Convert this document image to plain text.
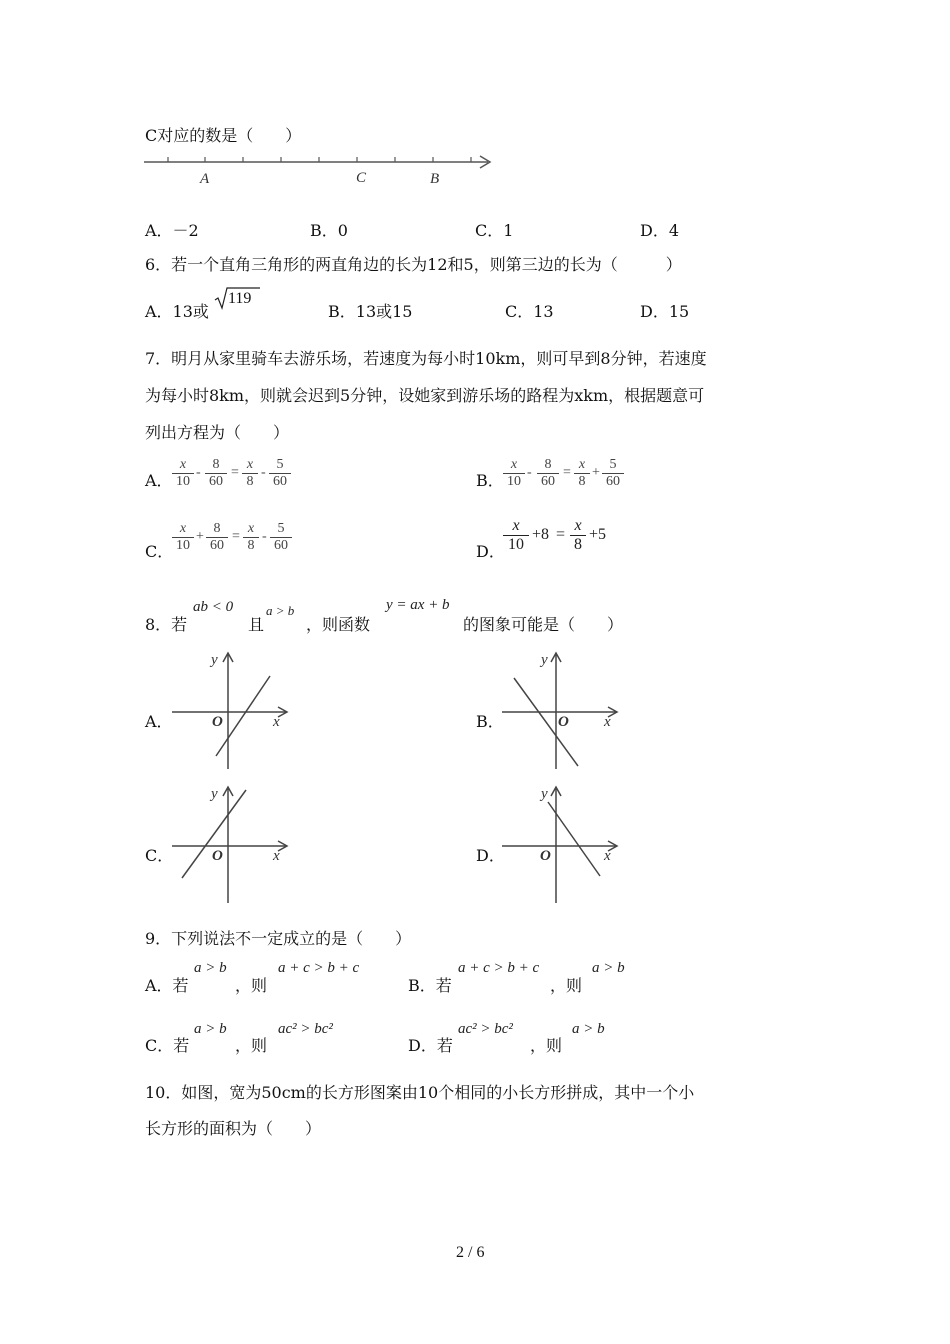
C对应的数是（　　）
A	C	B
A．－2	B．0	C．1	D．4
6．若一个直角三角形的两直角边的长为12和5，则第三边的长为（　　　）
A．13或
119
B．13或15	C．13	D．15
7．明月从家里骑车去游乐场，若速度为每小时10km，则可早到8分钟，若速度
为每小时8km，则就会迟到5分钟，设她家到游乐场的路程为xkm，根据题意可
列出方程为（　　）
A． $\frac{x}{10} - \frac{8}{60} = \frac{x}{8} - \frac{5}{60}$	B． $\frac{x}{10} - \frac{8}{60} = \frac{x}{8} + \frac{5}{60}$
C．
$\frac{x}{10} + \frac{8}{60} = \frac{x}{8} - \frac{5}{60}$	D．
$\frac{x}{10} +8 = \frac{x}{8} +5$
8．若
ab < 0
且
a > b
，则函数
y = ax + b
的图象可能是（　　）
A．
y
x
O	B．
y
x
O
C．
y
x
O	D．
y
x
O
9．下列说法不一定成立的是（　　）
A．若
a > b
，则
a + c > b + c
B．若
a + c > b + c
，则
a > b
C．若
a > b
，则
ac² > bc²
D．若
ac² > bc²
，则
a > b
10．如图，宽为50cm的长方形图案由10个相同的小长方形拼成，其中一个小
长方形的面积为（　　）
2 / 6
